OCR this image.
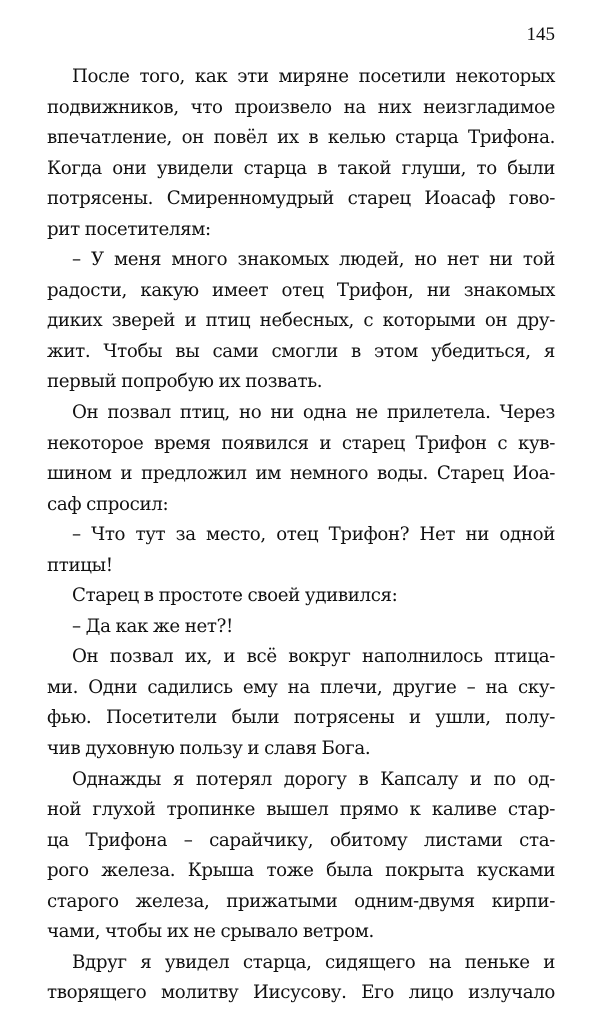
145
После того, как эти миряне посетили некоторых
подвижников, что произвело на них неизгладимое
впечатление, он повёл их в келью старца Трифона.
Когда они увидели старца в такой глуши, то были
потрясены. Смиренномудрый старец Иоасаф гово-
рит посетителям:
– У меня много знакомых людей, но нет ни той
радости, какую имеет отец Трифон, ни знакомых
диких зверей и птиц небесных, с которыми он дру-
жит. Чтобы вы сами смогли в этом убедиться, я
первый попробую их позвать.
Он позвал птиц, но ни одна не прилетела. Через
некоторое время появился и старец Трифон с кув-
шином и предложил им немного воды. Старец Иоа-
саф спросил:
– Что тут за место, отец Трифон? Нет ни одной
птицы!
Старец в простоте своей удивился:
– Да как же нет?!
Он позвал их, и всё вокруг наполнилось птица-
ми. Одни садились ему на плечи, другие – на ску-
фью. Посетители были потрясены и ушли, полу-
чив духовную пользу и славя Бога.
Однажды я потерял дорогу в Капсалу и по од-
ной глухой тропинке вышел прямо к каливе стар-
ца Трифона – сарайчику, обитому листами ста-
рого железа. Крыша тоже была покрыта кусками
старого железа, прижатыми одним-двумя кирпи-
чами, чтобы их не срывало ветром.
Вдруг я увидел старца, сидящего на пеньке и
творящего молитву Иисусову. Его лицо излучало
